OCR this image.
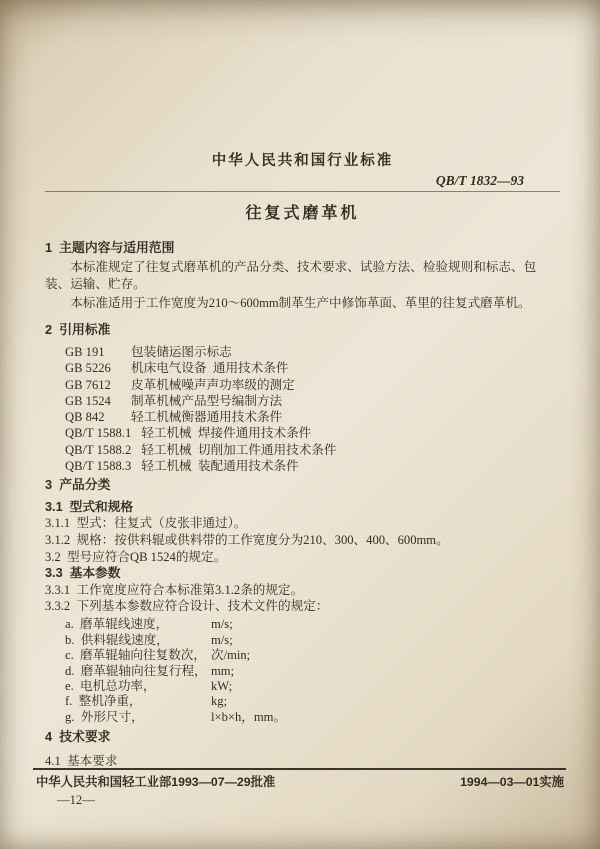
中华人民共和国行业标准
QB/T 1832—93
往复式磨革机
1  主题内容与适用范围
本标准规定了往复式磨革机的产品分类、技术要求、试验方法、检验规则和标志、包装、运输、贮存。
本标准适用于工作宽度为210～600mm制革生产中修饰革面、革里的往复式磨革机。
2  引用标准
GB 191	包装储运图示标志
GB 5226	机床电气设备  通用技术条件
GB 7612	皮革机械噪声声功率级的测定
GB 1524	制革机械产品型号编制方法
QB 842	轻工机械衡器通用技术条件
QB/T 1588.1 轻工机械  焊接件通用技术条件
QB/T 1588.2 轻工机械  切削加工件通用技术条件
QB/T 1588.3 轻工机械  装配通用技术条件
3  产品分类
3.1  型式和规格
3.1.1  型式：往复式（皮张非通过）。
3.1.2  规格：按供料辊或供料带的工作宽度分为210、300、400、600mm。
3.2  型号应符合QB 1524的规定。
3.3  基本参数
3.3.1  工作宽度应符合本标准第3.1.2条的规定。
3.3.2  下列基本参数应符合设计、技术文件的规定：
a.  磨革辊线速度，	m/s;
b.  供料辊线速度，	m/s;
c.  磨革辊轴向往复数次， 次/min;
d.  磨革辊轴向往复行程， mm;
e.  电机总功率，	kW;
f.  整机净重，	kg;
g.  外形尺寸，	l×b×h，mm。
4  技术要求
4.1  基本要求
中华人民共和国轻工业部1993—07—29批准	1994—03—01实施
—12—
